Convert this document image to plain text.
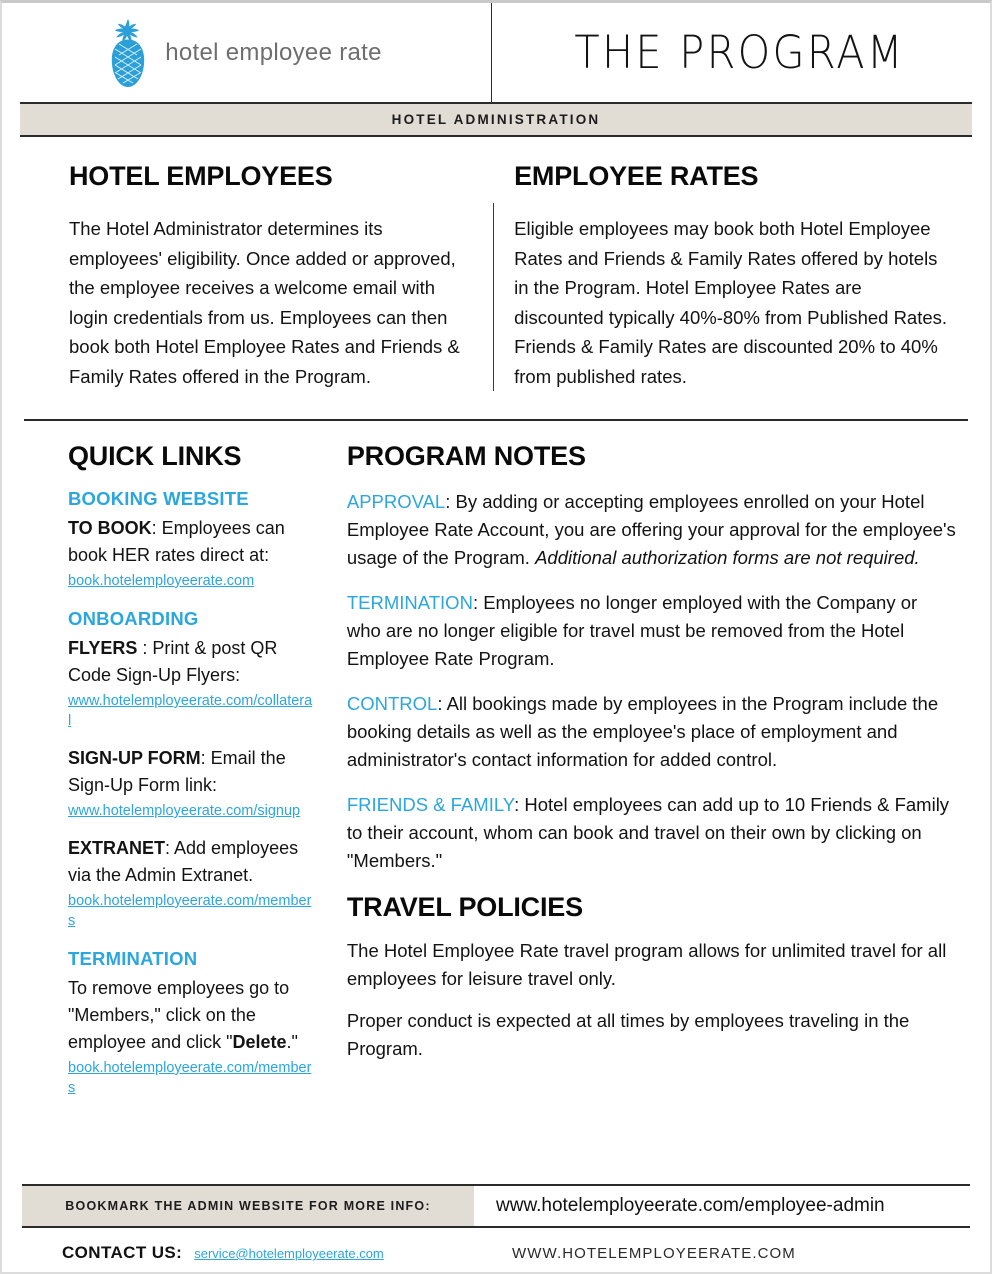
hotel employee rate	THE PROGRAM
HOTEL ADMINISTRATION
HOTEL EMPLOYEES

The Hotel Administrator determines its employees' eligibility. Once added or approved, the employee receives a welcome email with login credentials from us. Employees can then book both Hotel Employee Rates and Friends & Family Rates offered in the Program.

EMPLOYEE RATES

Eligible employees may book both Hotel Employee Rates and Friends & Family Rates offered by hotels in the Program. Hotel Employee Rates are discounted typically 40%-80% from Published Rates. Friends & Family Rates are discounted 20% to 40% from published rates.

QUICK LINKS
BOOKING WEBSITE
TO BOOK: Employees can book HER rates direct at:
book.hotelemployeerate.com
ONBOARDING
FLYERS : Print & post QR Code Sign-Up Flyers:
www.hotelemployeerate.com/collateral
SIGN-UP FORM: Email the Sign-Up Form link:
www.hotelemployeerate.com/signup
EXTRANET: Add employees via the Admin Extranet.
book.hotelemployeerate.com/members
TERMINATION
To remove employees go to "Members," click on the employee and click "Delete."
book.hotelemployeerate.com/members
PROGRAM NOTES
APPROVAL: By adding or accepting employees enrolled on your Hotel Employee Rate Account, you are offering your approval for the employee's usage of the Program. Additional authorization forms are not required.
TERMINATION: Employees no longer employed with the Company or who are no longer eligible for travel must be removed from the Hotel Employee Rate Program.
CONTROL: All bookings made by employees in the Program include the booking details as well as the employee's place of employment and administrator's contact information for added control.
FRIENDS & FAMILY: Hotel employees can add up to 10 Friends & Family to their account, whom can book and travel on their own by clicking on "Members."
TRAVEL POLICIES
The Hotel Employee Rate travel program allows for unlimited travel for all employees for leisure travel only.
Proper conduct is expected at all times by employees traveling in the Program.
BOOKMARK THE ADMIN WEBSITE FOR MORE INFO:	www.hotelemployeerate.com/employee-admin
CONTACT US: service@hotelemployeerate.com	WWW.HOTELEMPLOYEERATE.COM
